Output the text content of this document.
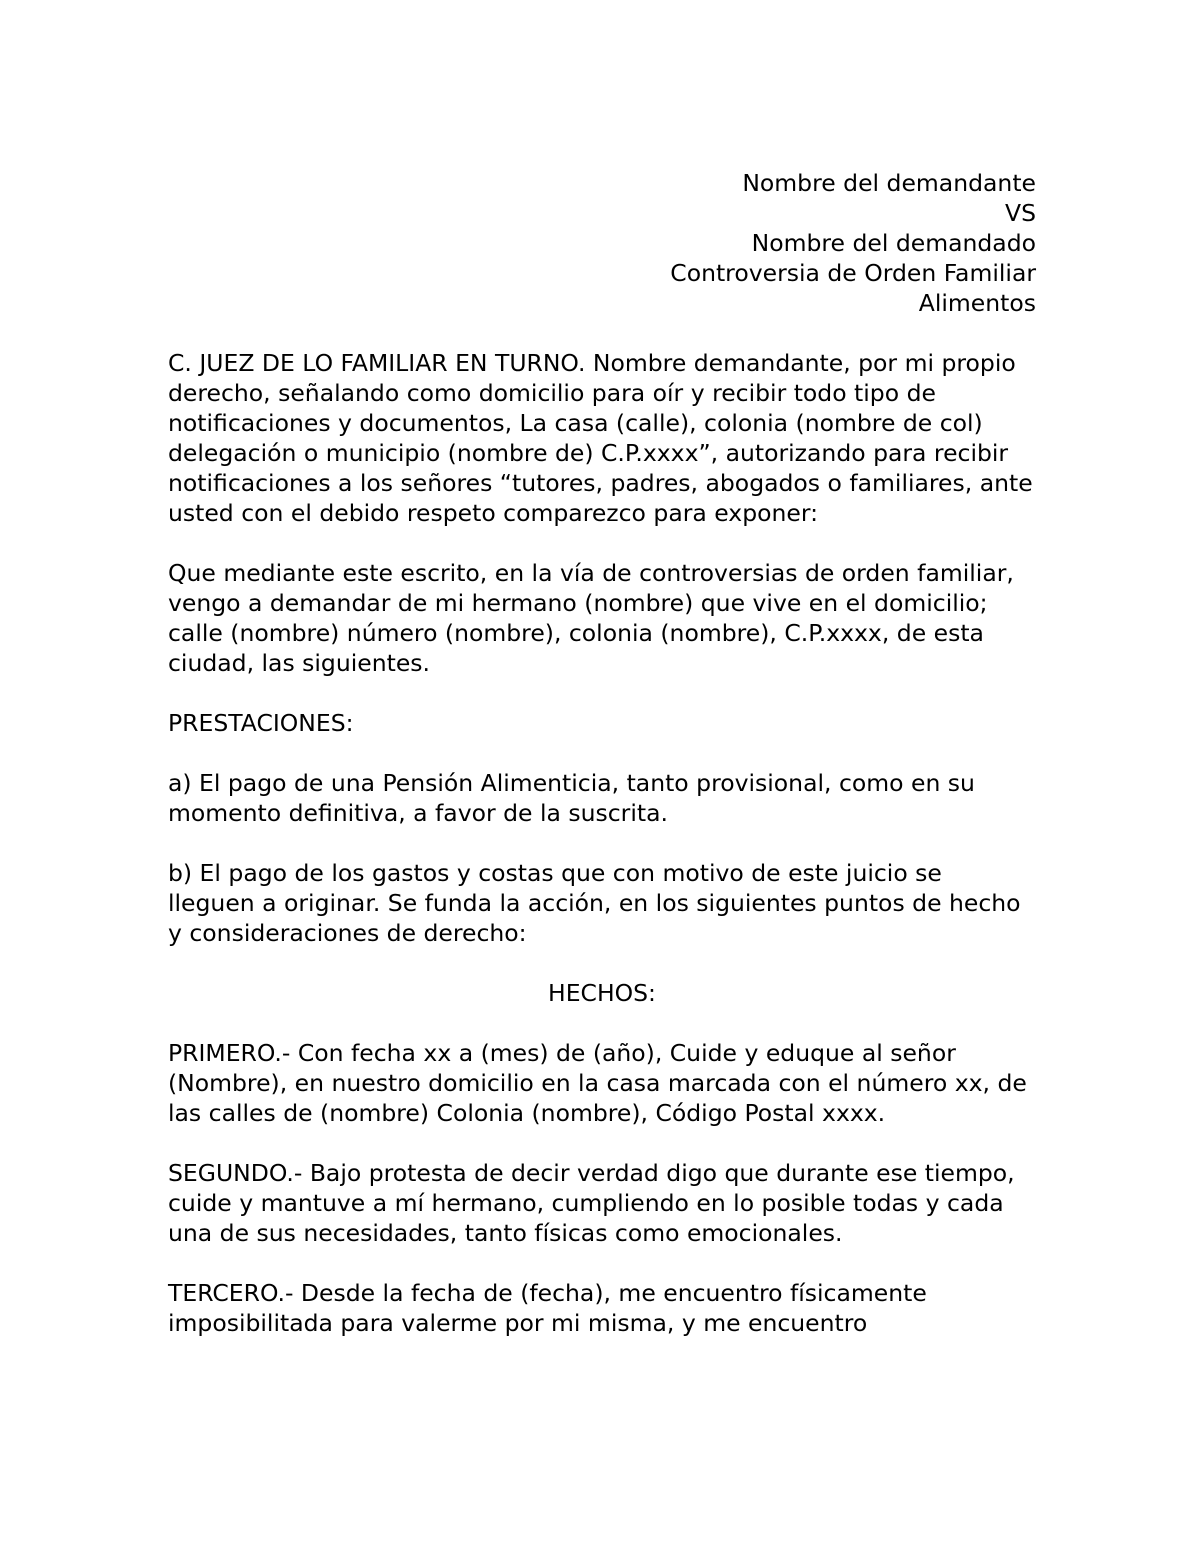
Nombre del demandante
VS
Nombre del demandado
Controversia de Orden Familiar
Alimentos

C. JUEZ DE LO FAMILIAR EN TURNO. Nombre demandante, por mi propio derecho, señalando como domicilio para oír y recibir todo tipo de notificaciones y documentos, La casa (calle), colonia (nombre de col) delegación o municipio (nombre de) C.P.xxxx”, autorizando para recibir notificaciones a los señores “tutores, padres, abogados o familiares, ante usted con el debido respeto comparezco para exponer:

Que mediante este escrito, en la vía de controversias de orden familiar, vengo a demandar de mi hermano (nombre) que vive en el domicilio; calle (nombre) número (nombre), colonia (nombre), C.P.xxxx, de esta ciudad, las siguientes.

PRESTACIONES:

a) El pago de una Pensión Alimenticia, tanto provisional, como en su momento definitiva, a favor de la suscrita.

b) El pago de los gastos y costas que con motivo de este juicio se lleguen a originar. Se funda la acción, en los siguientes puntos de hecho y consideraciones de derecho:

HECHOS:

PRIMERO.- Con fecha xx a (mes) de (año), Cuide y eduque al señor (Nombre), en nuestro domicilio en la casa marcada con el número xx, de las calles de (nombre) Colonia (nombre), Código Postal xxxx.

SEGUNDO.- Bajo protesta de decir verdad digo que durante ese tiempo, cuide y mantuve a mí hermano, cumpliendo en lo posible todas y cada una de sus necesidades, tanto físicas como emocionales.

TERCERO.- Desde la fecha de (fecha), me encuentro físicamente imposibilitada para valerme por mi misma, y me encuentro
